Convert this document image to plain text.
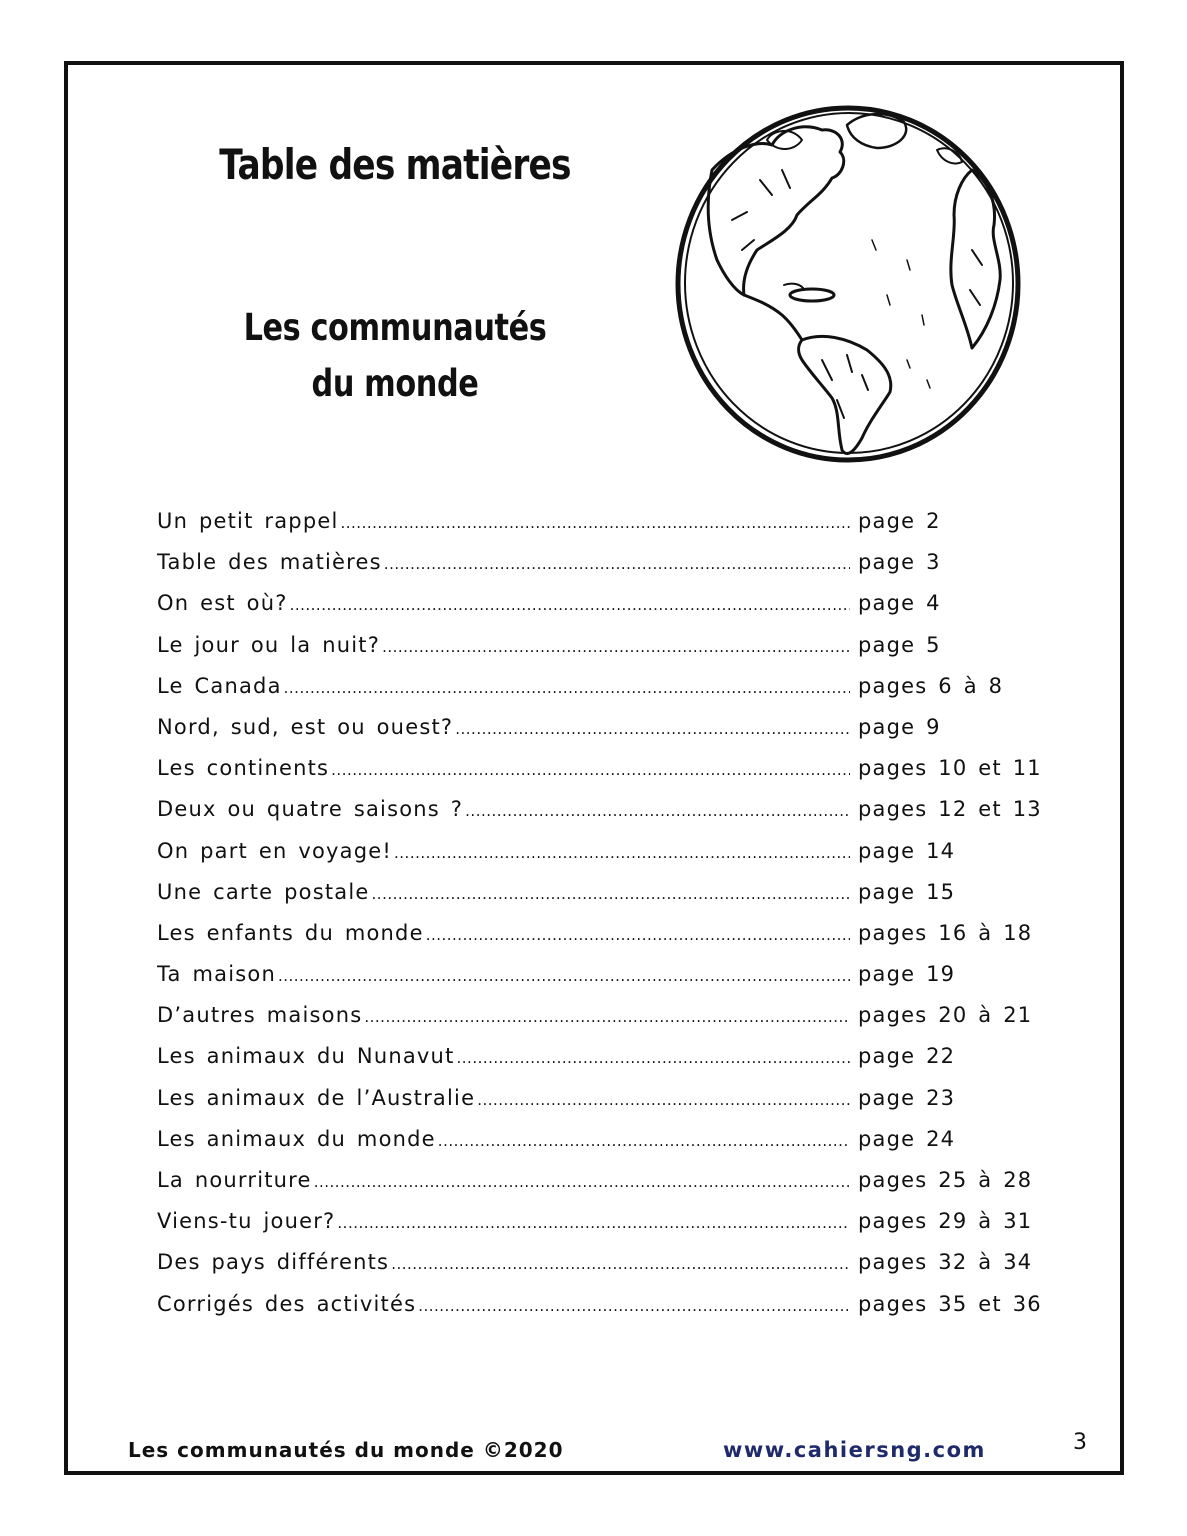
Table des matières
Les communautés
du monde
Un petit rappel .....	page 2
Table des matières .....	page 3
On est où? .....	page 4
Le jour ou la nuit? .....	page 5
Le Canada .....	pages 6 à 8
Nord, sud, est ou ouest? .....	page 9
Les continents .....	pages 10 et 11
Deux ou quatre saisons ? .....	pages 12 et 13
On part en voyage! .....	page 14
Une carte postale .....	page 15
Les enfants du monde .....	pages 16 à 18
Ta maison .....	page 19
D’autres maisons .....	pages 20 à 21
Les animaux du Nunavut .....	page 22
Les animaux de l’Australie .....	page 23
Les animaux du monde .....	page 24
La nourriture .....	pages 25 à 28
Viens-tu jouer? .....	pages 29 à 31
Des pays différents .....	pages 32 à 34
Corrigés des activités .....	pages 35 et 36
Les communautés du monde ©2020	www.cahiersng.com	3
